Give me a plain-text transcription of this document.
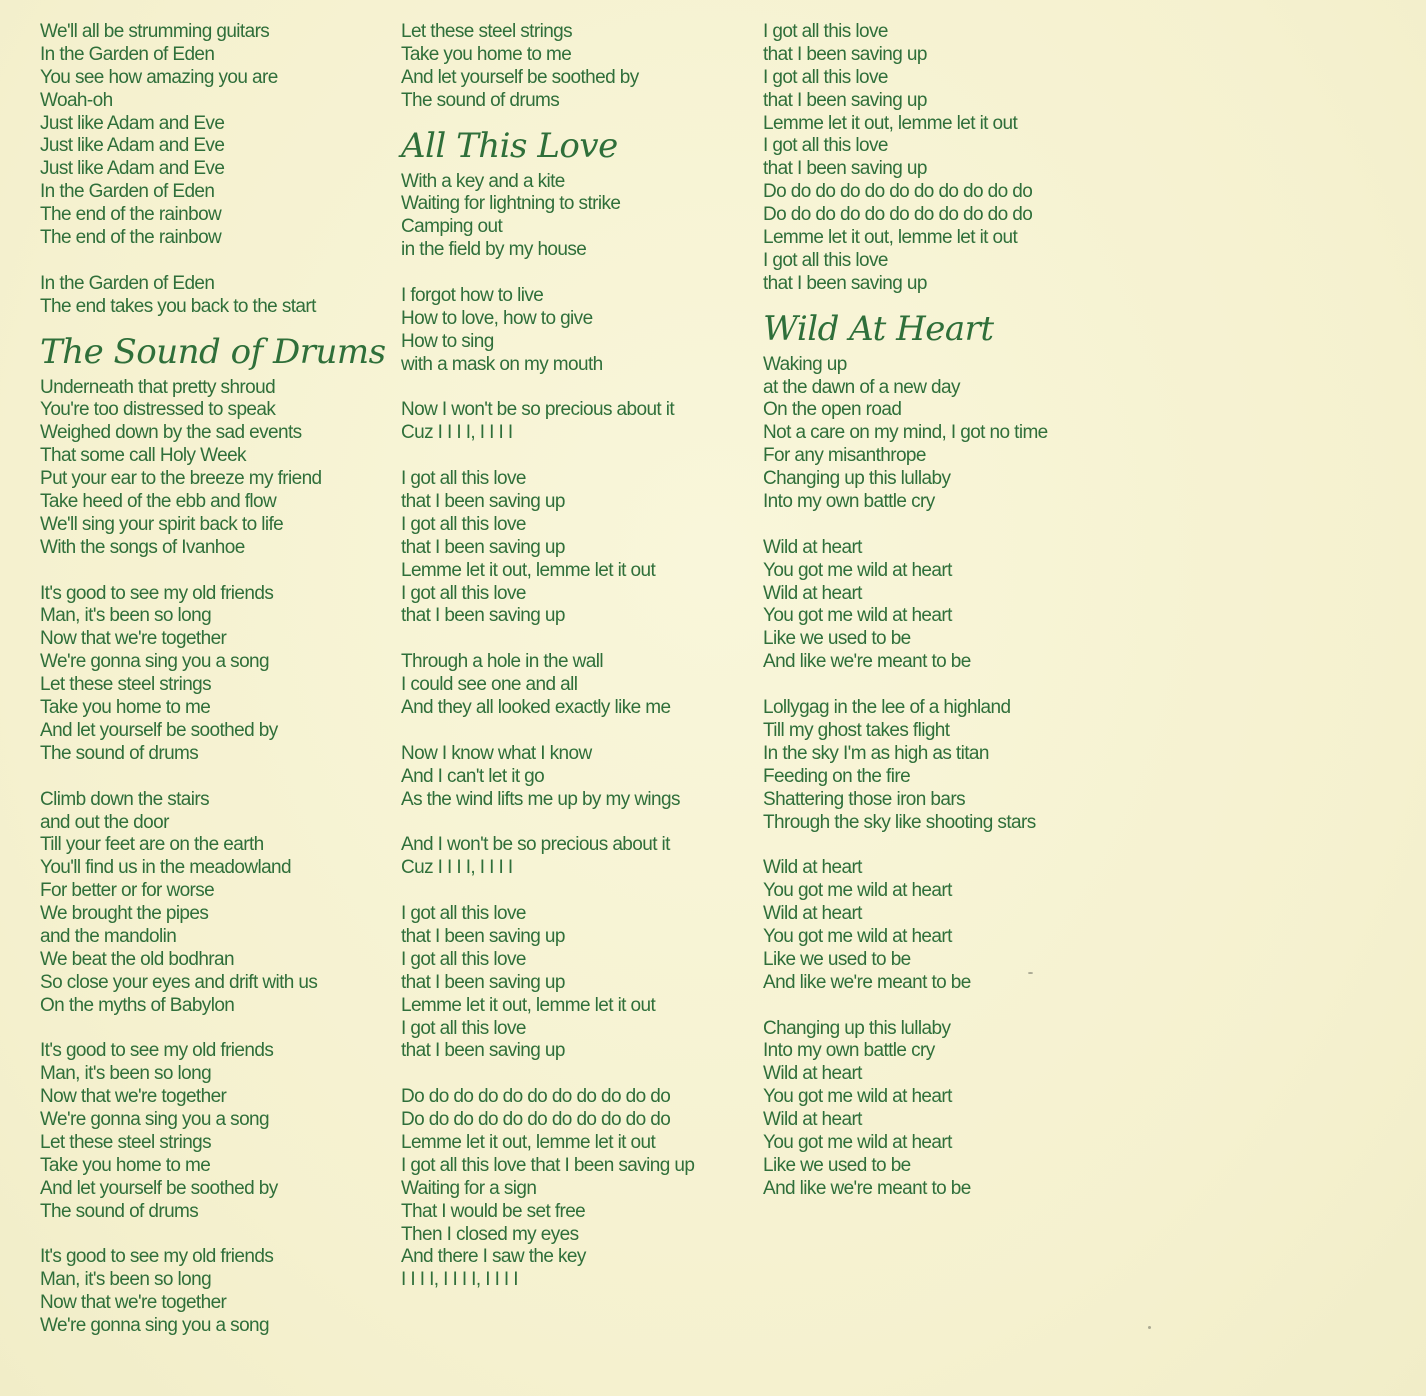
We'll all be strumming guitars
In the Garden of Eden
You see how amazing you are
Woah-oh
Just like Adam and Eve
Just like Adam and Eve
Just like Adam and Eve
In the Garden of Eden
The end of the rainbow
The end of the rainbow
In the Garden of Eden
The end takes you back to the start
The Sound of Drums
Underneath that pretty shroud
You're too distressed to speak
Weighed down by the sad events
That some call Holy Week
Put your ear to the breeze my friend
Take heed of the ebb and flow
We'll sing your spirit back to life
With the songs of Ivanhoe
It's good to see my old friends
Man, it's been so long
Now that we're together
We're gonna sing you a song
Let these steel strings
Take you home to me
And let yourself be soothed by
The sound of drums
Climb down the stairs
and out the door
Till your feet are on the earth
You'll find us in the meadowland
For better or for worse
We brought the pipes
and the mandolin
We beat the old bodhran
So close your eyes and drift with us
On the myths of Babylon
It's good to see my old friends
Man, it's been so long
Now that we're together
We're gonna sing you a song
Let these steel strings
Take you home to me
And let yourself be soothed by
The sound of drums
It's good to see my old friends
Man, it's been so long
Now that we're together
We're gonna sing you a song
Let these steel strings
Take you home to me
And let yourself be soothed by
The sound of drums
All This Love
With a key and a kite
Waiting for lightning to strike
Camping out
in the field by my house
I forgot how to live
How to love, how to give
How to sing
with a mask on my mouth
Now I won't be so precious about it
Cuz I I I I, I I I I
I got all this love
that I been saving up
I got all this love
that I been saving up
Lemme let it out, lemme let it out
I got all this love
that I been saving up
Through a hole in the wall
I could see one and all
And they all looked exactly like me
Now I know what I know
And I can't let it go
As the wind lifts me up by my wings
And I won't be so precious about it
Cuz I I I I, I I I I
I got all this love
that I been saving up
I got all this love
that I been saving up
Lemme let it out, lemme let it out
I got all this love
that I been saving up
Do do do do do do do do do do do
Do do do do do do do do do do do
Lemme let it out, lemme let it out
I got all this love that I been saving up
Waiting for a sign
That I would be set free
Then I closed my eyes
And there I saw the key
I I I I, I I I I, I I I I
I got all this love
that I been saving up
I got all this love
that I been saving up
Lemme let it out, lemme let it out
I got all this love
that I been saving up
Do do do do do do do do do do do
Do do do do do do do do do do do
Lemme let it out, lemme let it out
I got all this love
that I been saving up
Wild At Heart
Waking up
at the dawn of a new day
On the open road
Not a care on my mind, I got no time
For any misanthrope
Changing up this lullaby
Into my own battle cry
Wild at heart
You got me wild at heart
Wild at heart
You got me wild at heart
Like we used to be
And like we're meant to be
Lollygag in the lee of a highland
Till my ghost takes flight
In the sky I'm as high as titan
Feeding on the fire
Shattering those iron bars
Through the sky like shooting stars
Wild at heart
You got me wild at heart
Wild at heart
You got me wild at heart
Like we used to be
And like we're meant to be
Changing up this lullaby
Into my own battle cry
Wild at heart
You got me wild at heart
Wild at heart
You got me wild at heart
Like we used to be
And like we're meant to be
